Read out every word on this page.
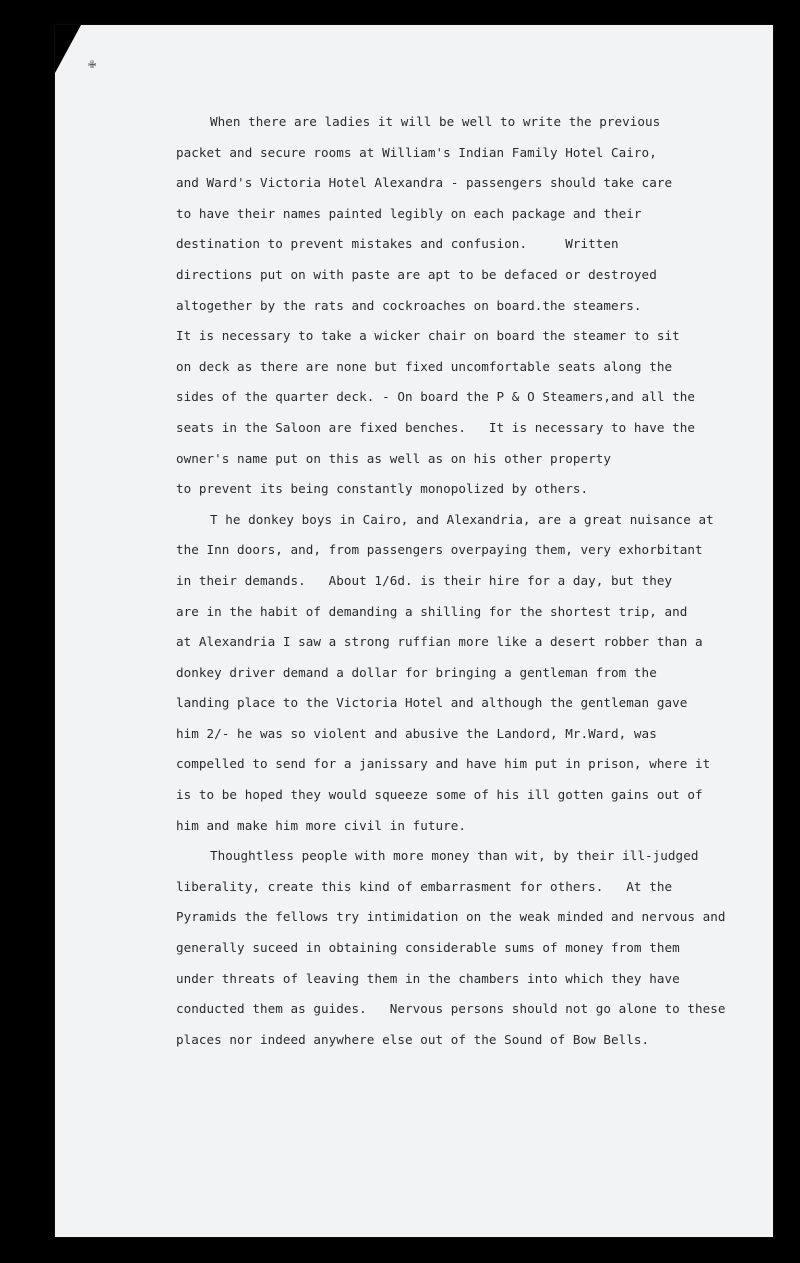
✙
When there are ladies it will be well to write the previous
packet and secure rooms at William's Indian Family Hotel Cairo,
and Ward's Victoria Hotel Alexandra - passengers should take care
to have their names painted legibly on each package and their
destination to prevent mistakes and confusion.     Written
directions put on with paste are apt to be defaced or destroyed
altogether by the rats and cockroaches on board.the steamers.
It is necessary to take a wicker chair on board the steamer to sit
on deck as there are none but fixed uncomfortable seats along the
sides of the quarter deck. - On board the P & O Steamers,and all the
seats in the Saloon are fixed benches.   It is necessary to have the
owner's name put on this as well as on his other property
to prevent its being constantly monopolized by others.
T he donkey boys in Cairo, and Alexandria, are a great nuisance at
the Inn doors, and, from passengers overpaying them, very exhorbitant
in their demands.   About 1/6d. is their hire for a day, but they
are in the habit of demanding a shilling for the shortest trip, and
at Alexandria I saw a strong ruffian more like a desert robber than a
donkey driver demand a dollar for bringing a gentleman from the
landing place to the Victoria Hotel and although the gentleman gave
him 2/- he was so violent and abusive the Landord, Mr.Ward, was
compelled to send for a janissary and have him put in prison, where it
is to be hoped they would squeeze some of his ill gotten gains out of
him and make him more civil in future.
Thoughtless people with more money than wit, by their ill-judged
liberality, create this kind of embarrasment for others.   At the
Pyramids the fellows try intimidation on the weak minded and nervous and
generally suceed in obtaining considerable sums of money from them
under threats of leaving them in the chambers into which they have
conducted them as guides.   Nervous persons should not go alone to these
places nor indeed anywhere else out of the Sound of Bow Bells.
